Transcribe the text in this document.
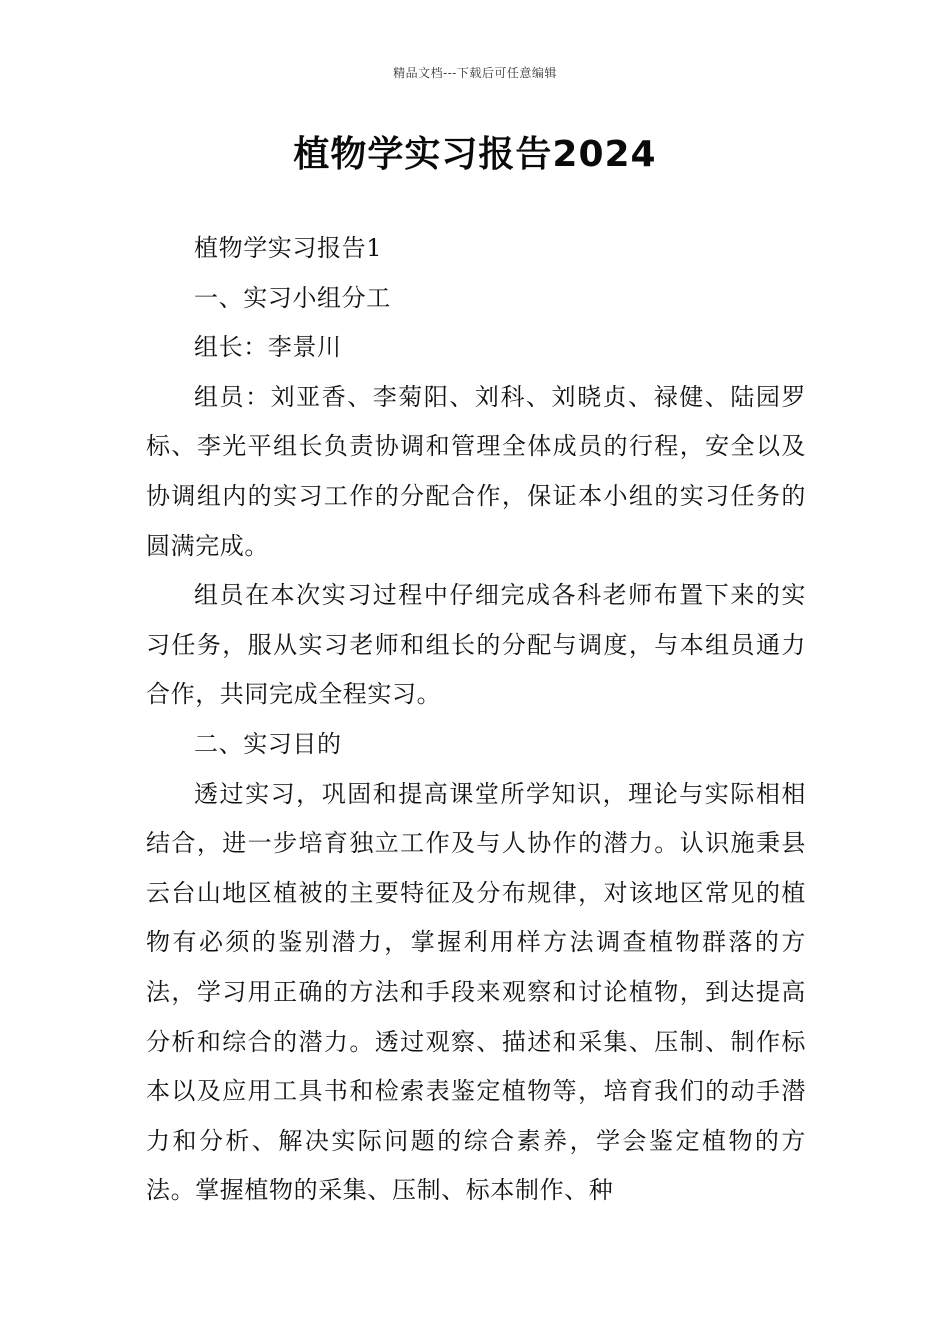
精品文档---下载后可任意编辑
植物学实习报告2024

植物学实习报告1

一、实习小组分工

组长：李景川

组员：刘亚香、李菊阳、刘科、刘晓贞、禄健、陆园罗标、李光平组长负责协调和管理全体成员的行程，安全以及协调组内的实习工作的分配合作，保证本小组的实习任务的圆满完成。

组员在本次实习过程中仔细完成各科老师布置下来的实习任务，服从实习老师和组长的分配与调度，与本组员通力合作，共同完成全程实习。

二、实习目的

透过实习，巩固和提高课堂所学知识，理论与实际相相结合，进一步培育独立工作及与人协作的潜力。认识施秉县云台山地区植被的主要特征及分布规律，对该地区常见的植物有必须的鉴别潜力，掌握利用样方法调查植物群落的方法，学习用正确的方法和手段来观察和讨论植物，到达提高分析和综合的潜力。透过观察、描述和采集、压制、制作标本以及应用工具书和检索表鉴定植物等，培育我们的动手潜力和分析、解决实际问题的综合素养，学会鉴定植物的方法。掌握植物的采集、压制、标本制作、种
